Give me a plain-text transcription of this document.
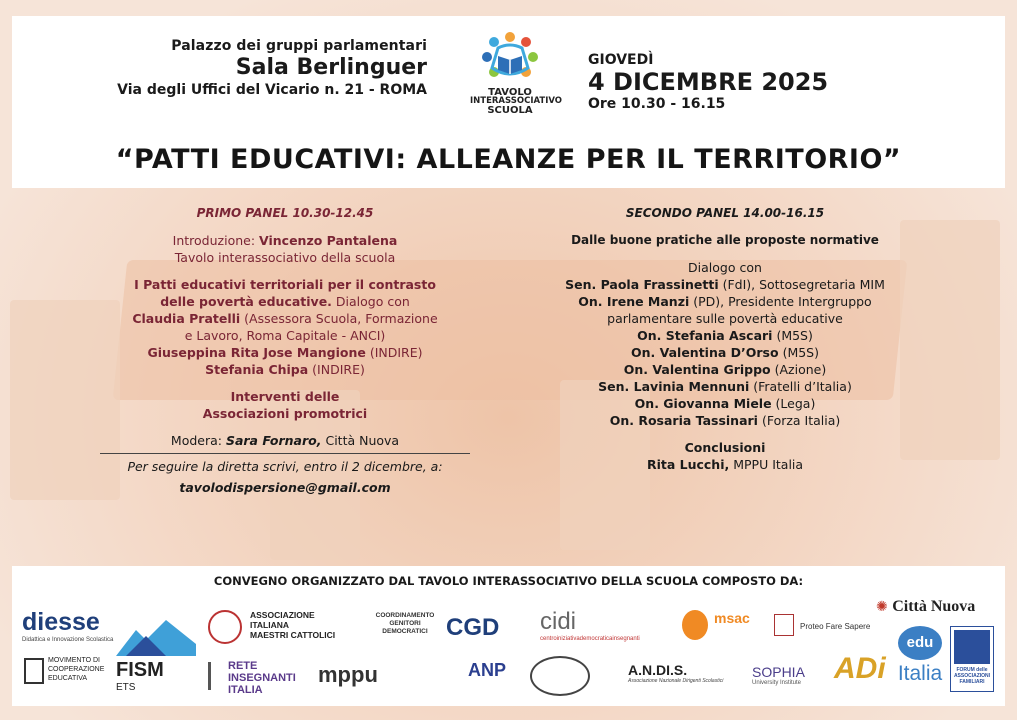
Palazzo dei gruppi parlamentari
Sala Berlinguer
Via degli Uffici del Vicario n. 21 - ROMA	TAVOLO
INTERASSOCIATIVO
SCUOLA
GIOVEDÌ
4 DICEMBRE 2025
Ore 10.30 - 16.15
“PATTI EDUCATIVI: ALLEANZE PER IL TERRITORIO”
PRIMO PANEL 10.30-12.45
Introduzione: Vincenzo Pantalena
Tavolo interassociativo della scuola
I Patti educativi territoriali per il contrasto
delle povertà educative. Dialogo con
Claudia Pratelli (Assessora Scuola, Formazione
e Lavoro, Roma Capitale - ANCI)
Giuseppina Rita Jose Mangione (INDIRE)
Stefania Chipa (INDIRE)
Interventi delle
Associazioni promotrici
Modera: Sara Fornaro, Città Nuova
Per seguire la diretta scrivi, entro il 2 dicembre, a:
tavolodispersione@gmail.com
SECONDO PANEL 14.00-16.15
Dalle buone pratiche alle proposte normative
Dialogo con
Sen. Paola Frassinetti (FdI), Sottosegretaria MIM
On. Irene Manzi (PD), Presidente Intergruppo
parlamentare sulle povertà educative
On. Stefania Ascari (M5S)
On. Valentina D’Orso (M5S)
On. Valentina Grippo (Azione)
Sen. Lavinia Mennuni (Fratelli d’Italia)
On. Giovanna Miele (Lega)
On. Rosaria Tassinari (Forza Italia)
Conclusioni
Rita Lucchi, MPPU Italia
CONVEGNO ORGANIZZATO DAL TAVOLO INTERASSOCIATIVO DELLA SCUOLA COMPOSTO DA:
diesse
Didattica e Innovazione Scolastica
MOVIMENTO DI
COOPERAZIONE
EDUCATIVA	FISM
ETS
ASSOCIAZIONE
ITALIANA
MAESTRI CATTOLICI
RETE
INSEGNANTI
ITALIA
COORDINAMENTO
GENITORI
DEMOCRATICI CGD
mppu	ANP
cidi
centroiniziativademocraticainsegnanti
A.N.DI.S.
Associazione Nazionale Dirigenti Scolastici
msac
SOPHIA
University Institute
Proteo Fare Sapere
ADi
✺ Città Nuova
edu
Italia	FORUM delle ASSOCIAZIONI FAMILIARI
